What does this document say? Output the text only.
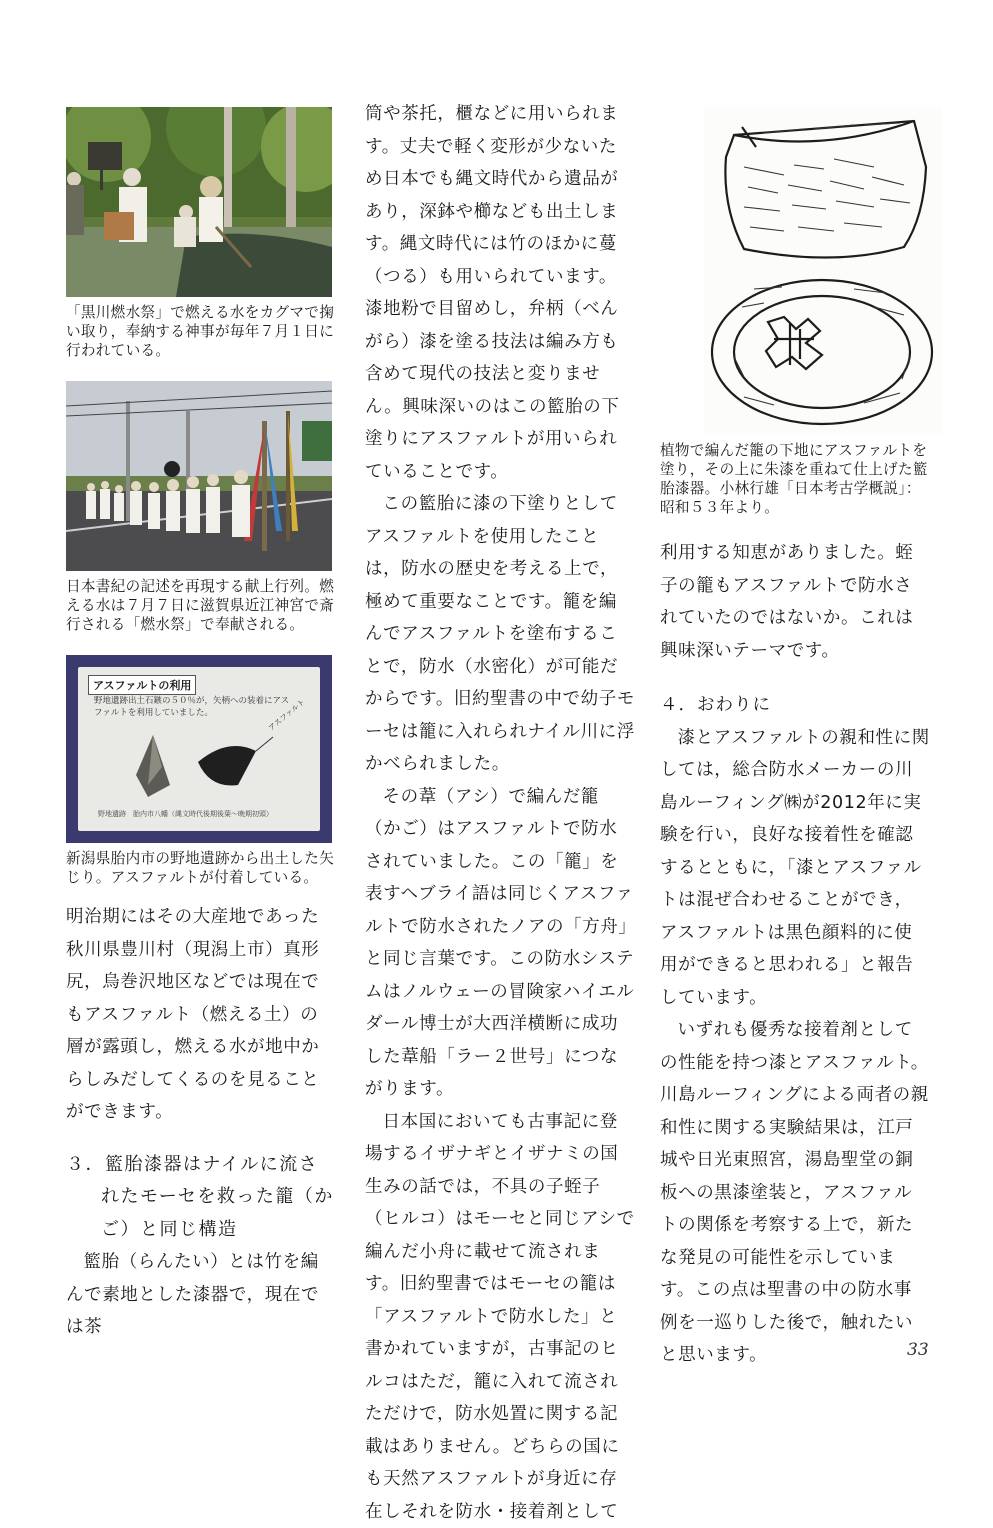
「黒川燃水祭」で燃える水をカグマで掬い取り，奉納する神事が毎年７月１日に行われている。

日本書紀の記述を再現する献上行列。燃える水は７月７日に滋賀県近江神宮で斎行される「燃水祭」で奉献される。

アスファルトの利用
野地遺跡出土石鏃の５０％が，矢柄への装着にアスファルトを利用していました。	アスファルト
野地遺跡　胎内市八幡（縄文時代後期後葉～晩期初頭）

新潟県胎内市の野地遺跡から出土した矢じり。アスファルトが付着している。

明治期にはその大産地であった秋川県豊川村（現潟上市）真形尻，烏巻沢地区などでは現在でもアスファルト（燃える土）の層が露頭し，燃える水が地中からしみだしてくるのを見ることができます。

３．籃胎漆器はナイルに流さ

れたモーセを救った籠（か

ご）と同じ構造

籃胎（らんたい）とは竹を編んで素地とした漆器で，現在では茶

筒や茶托，櫃などに用いられます。丈夫で軽く変形が少ないため日本でも縄文時代から遺品があり，深鉢や櫛なども出土します。縄文時代には竹のほかに蔓（つる）も用いられています。漆地粉で目留めし，弁柄（べんがら）漆を塗る技法は編み方も含めて現代の技法と変りません。興味深いのはこの籃胎の下塗りにアスファルトが用いられていることです。

この籃胎に漆の下塗りとしてアスファルトを使用したことは，防水の歴史を考える上で，極めて重要なことです。籠を編んでアスファルトを塗布することで，防水（水密化）が可能だからです。旧約聖書の中で幼子モーセは籠に入れられナイル川に浮かべられました。

その葦（アシ）で編んだ籠（かご）はアスファルトで防水されていました。この「籠」を表すヘブライ語は同じくアスファルトで防水されたノアの「方舟」と同じ言葉です。この防水システムはノルウェーの冒険家ハイエルダール博士が大西洋横断に成功した葦船「ラー２世号」につながります。

日本国においても古事記に登場するイザナギとイザナミの国生みの話では，不具の子蛭子（ヒルコ）はモーセと同じアシで編んだ小舟に載せて流されます。旧約聖書ではモーセの籠は「アスファルトで防水した」と書かれていますが，古事記のヒルコはただ，籠に入れて流されただけで，防水処置に関する記載はありません。どちらの国にも天然アスファルトが身近に存在しそれを防水・接着剤として

植物で編んだ籠の下地にアスファルトを塗り，その上に朱漆を重ねて仕上げた籃胎漆器。小林行雄「日本考古学概説」：昭和５３年より。

利用する知恵がありました。蛭子の籠もアスファルトで防水されていたのではないか。これは興味深いテーマです。

４．おわりに

漆とアスファルトの親和性に関しては，総合防水メーカーの川島ルーフィング㈱が2012年に実験を行い，良好な接着性を確認するとともに，「漆とアスファルトは混ぜ合わせることができ，アスファルトは黒色顔料的に使用ができると思われる」と報告しています。

いずれも優秀な接着剤としての性能を持つ漆とアスファルト。川島ルーフィングによる両者の親和性に関する実験結果は，江戸城や日光東照宮，湯島聖堂の銅板への黒漆塗装と，アスファルトの関係を考察する上で，新たな発見の可能性を示しています。この点は聖書の中の防水事例を一巡りした後で，触れたいと思います。	33
